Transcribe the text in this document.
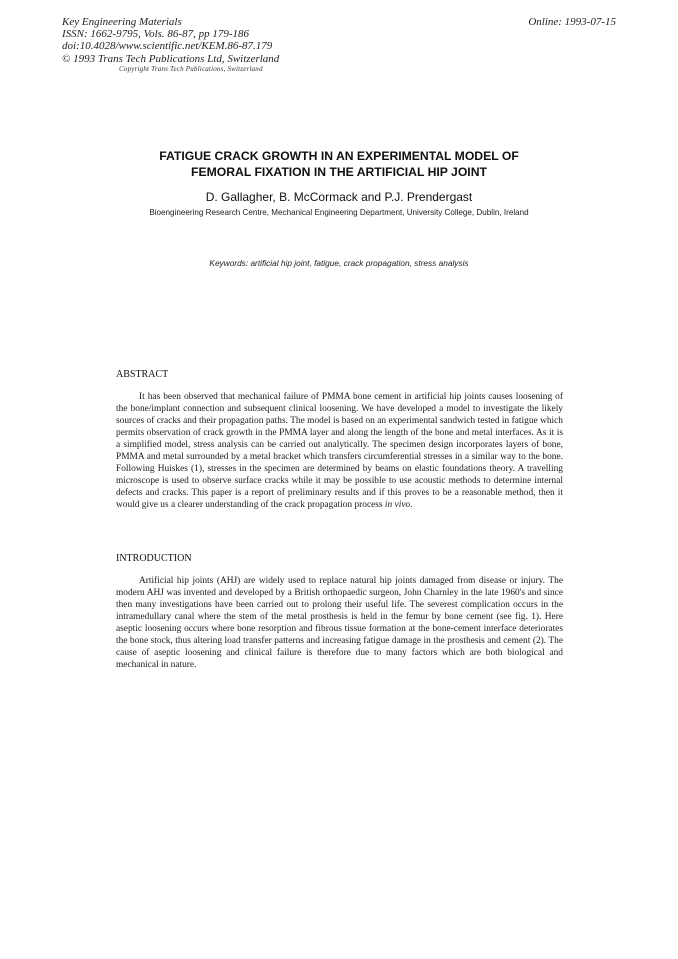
Key Engineering Materials
ISSN: 1662-9795, Vols. 86-87, pp 179-186
doi:10.4028/www.scientific.net/KEM.86-87.179
© 1993 Trans Tech Publications Ltd, Switzerland
Online: 1993-07-15
Copyright Trans Tech Publications, Switzerland
FATIGUE CRACK GROWTH IN AN EXPERIMENTAL MODEL OF
FEMORAL FIXATION IN THE ARTIFICIAL HIP JOINT
D. Gallagher, B. McCormack and P.J. Prendergast
Bioengineering Research Centre, Mechanical Engineering Department, University College, Dublin, Ireland
Keywords: artificial hip joint, fatigue, crack propagation, stress analysis
ABSTRACT

It has been observed that mechanical failure of PMMA bone cement in artificial hip joints causes loosening of the bone/implant connection and subsequent clinical loosening. We have developed a model to investigate the likely sources of cracks and their propagation paths. The model is based on an experimental sandwich tested in fatigue which permits observation of crack growth in the PMMA layer and along the length of the bone and metal interfaces. As it is a simplified model, stress analysis can be carried out analytically. The specimen design incorporates layers of bone, PMMA and metal surrounded by a metal bracket which transfers circumferential stresses in a similar way to the bone. Following Huiskes (1), stresses in the specimen are determined by beams on elastic foundations theory. A travelling microscope is used to observe surface cracks while it may be possible to use acoustic methods to determine internal defects and cracks. This paper is a report of preliminary results and if this proves to be a reasonable method, then it would give us a clearer understanding of the crack propagation process in vivo.

INTRODUCTION

Artificial hip joints (AHJ) are widely used to replace natural hip joints damaged from disease or injury. The modern AHJ was invented and developed by a British orthopaedic surgeon, John Charnley in the late 1960's and since then many investigations have been carried out to prolong their useful life. The severest complication occurs in the intramedullary canal where the stem of the metal prosthesis is held in the femur by bone cement (see fig. 1). Here aseptic loosening occurs where bone resorption and fibrous tissue formation at the bone-cement interface deteriorates the bone stock, thus altering load transfer patterns and increasing fatigue damage in the prosthesis and cement (2). The cause of aseptic loosening and clinical failure is therefore due to many factors which are both biological and mechanical in nature.
